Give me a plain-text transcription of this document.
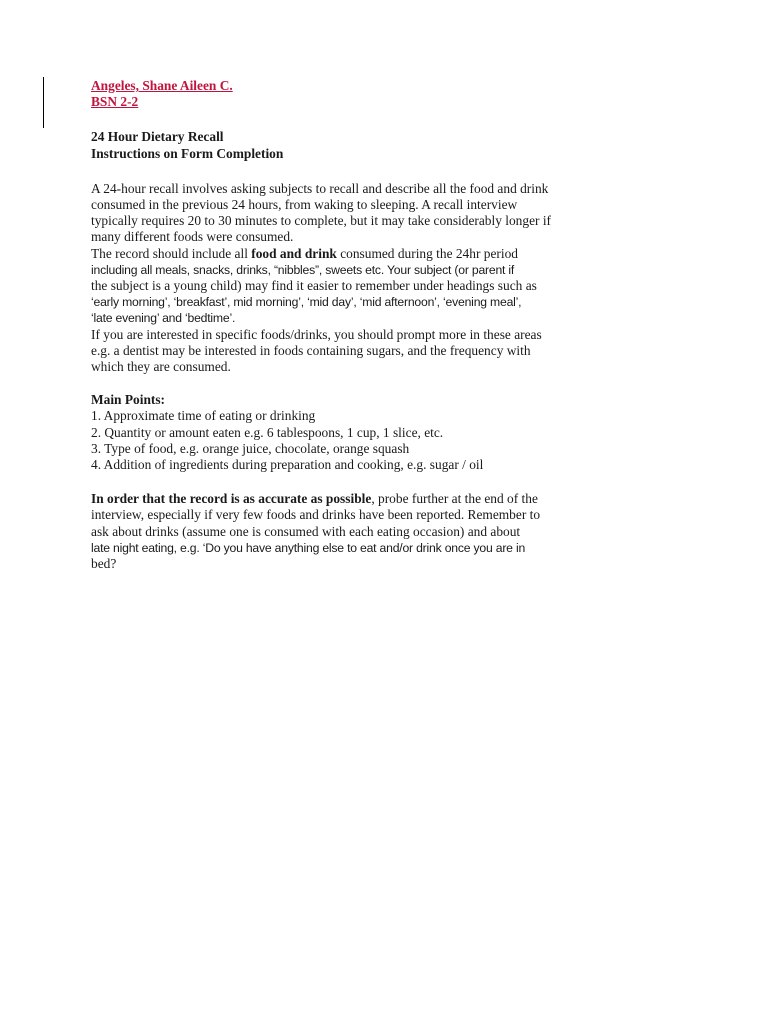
Angeles, Shane Aileen C.
BSN 2-2
24 Hour Dietary Recall
Instructions on Form Completion
A 24-hour recall involves asking subjects to recall and describe all the food and drink
consumed in the previous 24 hours, from waking to sleeping. A recall interview
typically requires 20 to 30 minutes to complete, but it may take considerably longer if
many different foods were consumed.
The record should include all food and drink consumed during the 24hr period
including all meals, snacks, drinks, “nibbles”, sweets etc. Your subject (or parent if
the subject is a young child) may find it easier to remember under headings such as
‘early morning’, ‘breakfast’, mid morning’, ‘mid day’, ‘mid afternoon’, ‘evening meal’,
‘late evening’ and ‘bedtime’.
If you are interested in specific foods/drinks, you should prompt more in these areas
e.g. a dentist may be interested in foods containing sugars, and the frequency with
which they are consumed.
Main Points:
1. Approximate time of eating or drinking
2. Quantity or amount eaten e.g. 6 tablespoons, 1 cup, 1 slice, etc.
3. Type of food, e.g. orange juice, chocolate, orange squash
4. Addition of ingredients during preparation and cooking, e.g. sugar / oil
In order that the record is as accurate as possible, probe further at the end of the
interview, especially if very few foods and drinks have been reported. Remember to
ask about drinks (assume one is consumed with each eating occasion) and about
late night eating, e.g. ‘Do you have anything else to eat and/or drink once you are in
bed?
